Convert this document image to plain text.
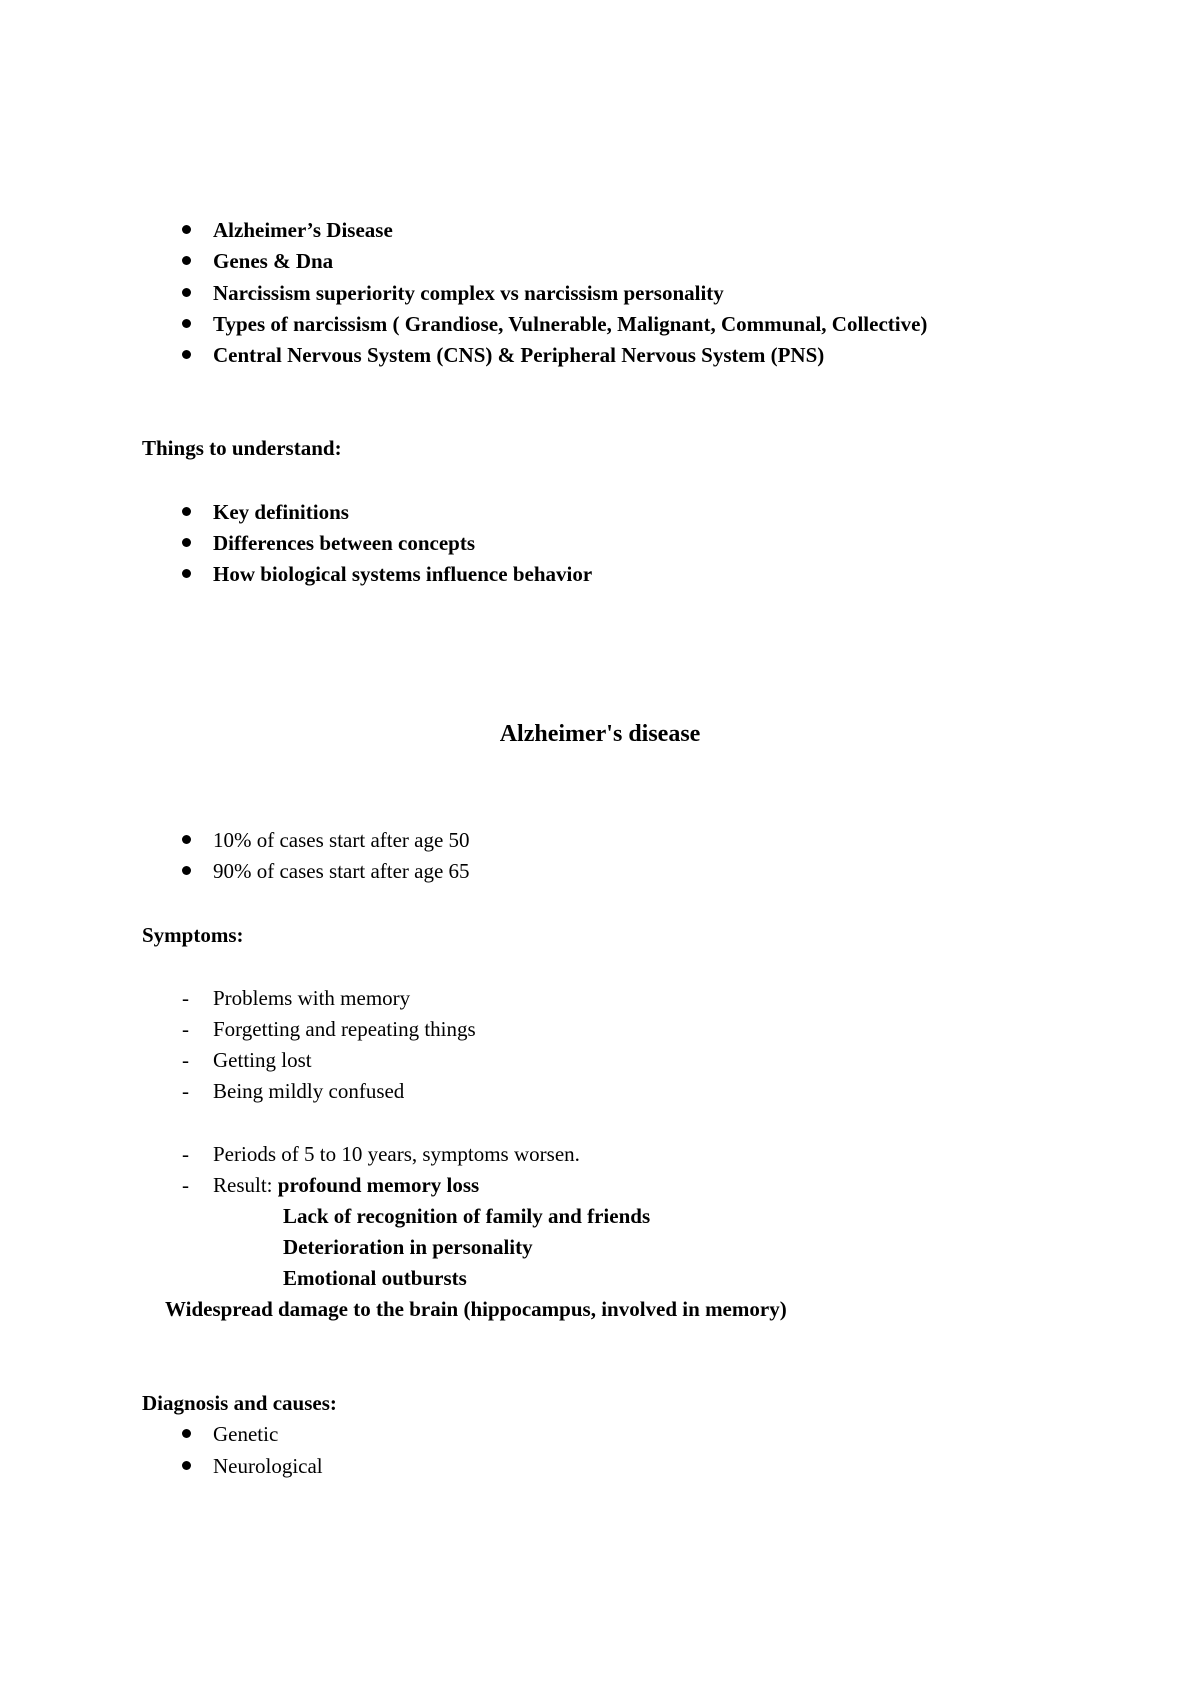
Alzheimer’s Disease
Genes & Dna
Narcissism superiority complex vs narcissism personality
Types of narcissism ( Grandiose, Vulnerable, Malignant, Communal, Collective)
Central Nervous System (CNS) & Peripheral Nervous System (PNS)
Things to understand:
Key definitions
Differences between concepts
How biological systems influence behavior
Alzheimer's disease
10% of cases start after age 50
90% of cases start after age 65
Symptoms:
- Problems with memory
- Forgetting and repeating things
- Getting lost
- Being mildly confused
- Periods of 5 to 10 years, symptoms worsen.
- Result: profound memory loss
Lack of recognition of family and friends
Deterioration in personality
Emotional outbursts
Widespread damage to the brain (hippocampus, involved in memory)
Diagnosis and causes:
Genetic
Neurological
